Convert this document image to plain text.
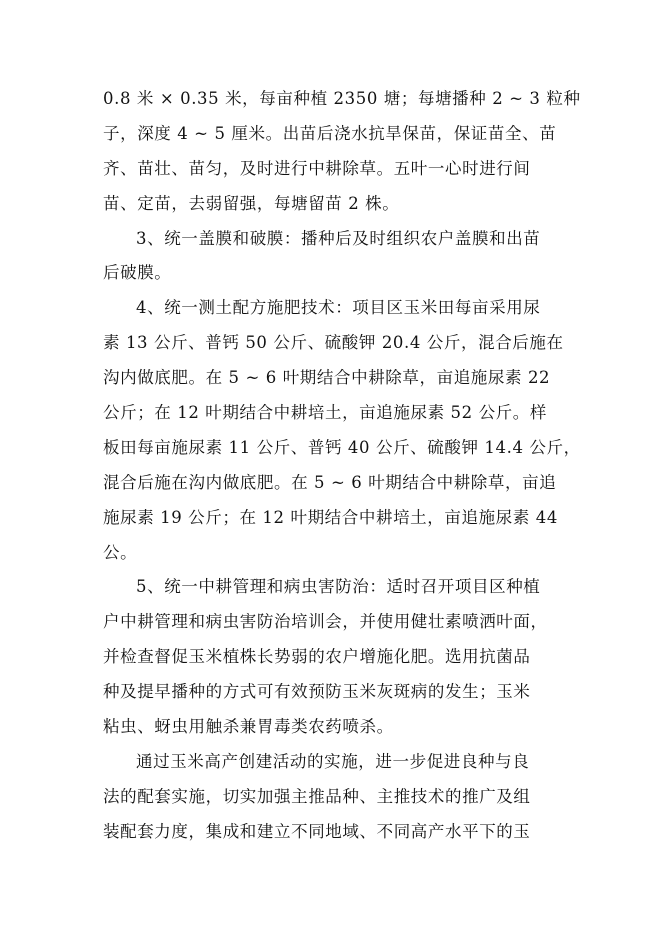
0.8 米 × 0.35 米，每亩种植 2350 塘；每塘播种 2 ~ 3 粒种
子，深度 4 ~ 5 厘米。出苗后浇水抗旱保苗，保证苗全、苗
齐、苗壮、苗匀，及时进行中耕除草。五叶一心时进行间
苗、定苗，去弱留强，每塘留苗 2 株。
3、统一盖膜和破膜：播种后及时组织农户盖膜和出苗
后破膜。
4、统一测土配方施肥技术：项目区玉米田每亩采用尿
素 13 公斤、普钙 50 公斤、硫酸钾 20.4 公斤，混合后施在
沟内做底肥。在 5 ~ 6 叶期结合中耕除草，亩追施尿素 22
公斤；在 12 叶期结合中耕培土，亩追施尿素 52 公斤。样
板田每亩施尿素 11 公斤、普钙 40 公斤、硫酸钾 14.4 公斤，
混合后施在沟内做底肥。在 5 ~ 6 叶期结合中耕除草，亩追
施尿素 19 公斤；在 12 叶期结合中耕培土，亩追施尿素 44
公。
5、统一中耕管理和病虫害防治：适时召开项目区种植
户中耕管理和病虫害防治培训会，并使用健壮素喷洒叶面，
并检查督促玉米植株长势弱的农户增施化肥。选用抗菌品
种及提早播种的方式可有效预防玉米灰斑病的发生；玉米
粘虫、蚜虫用触杀兼胃毒类农药喷杀。
通过玉米高产创建活动的实施，进一步促进良种与良
法的配套实施，切实加强主推品种、主推技术的推广及组
装配套力度，集成和建立不同地域、不同高产水平下的玉
